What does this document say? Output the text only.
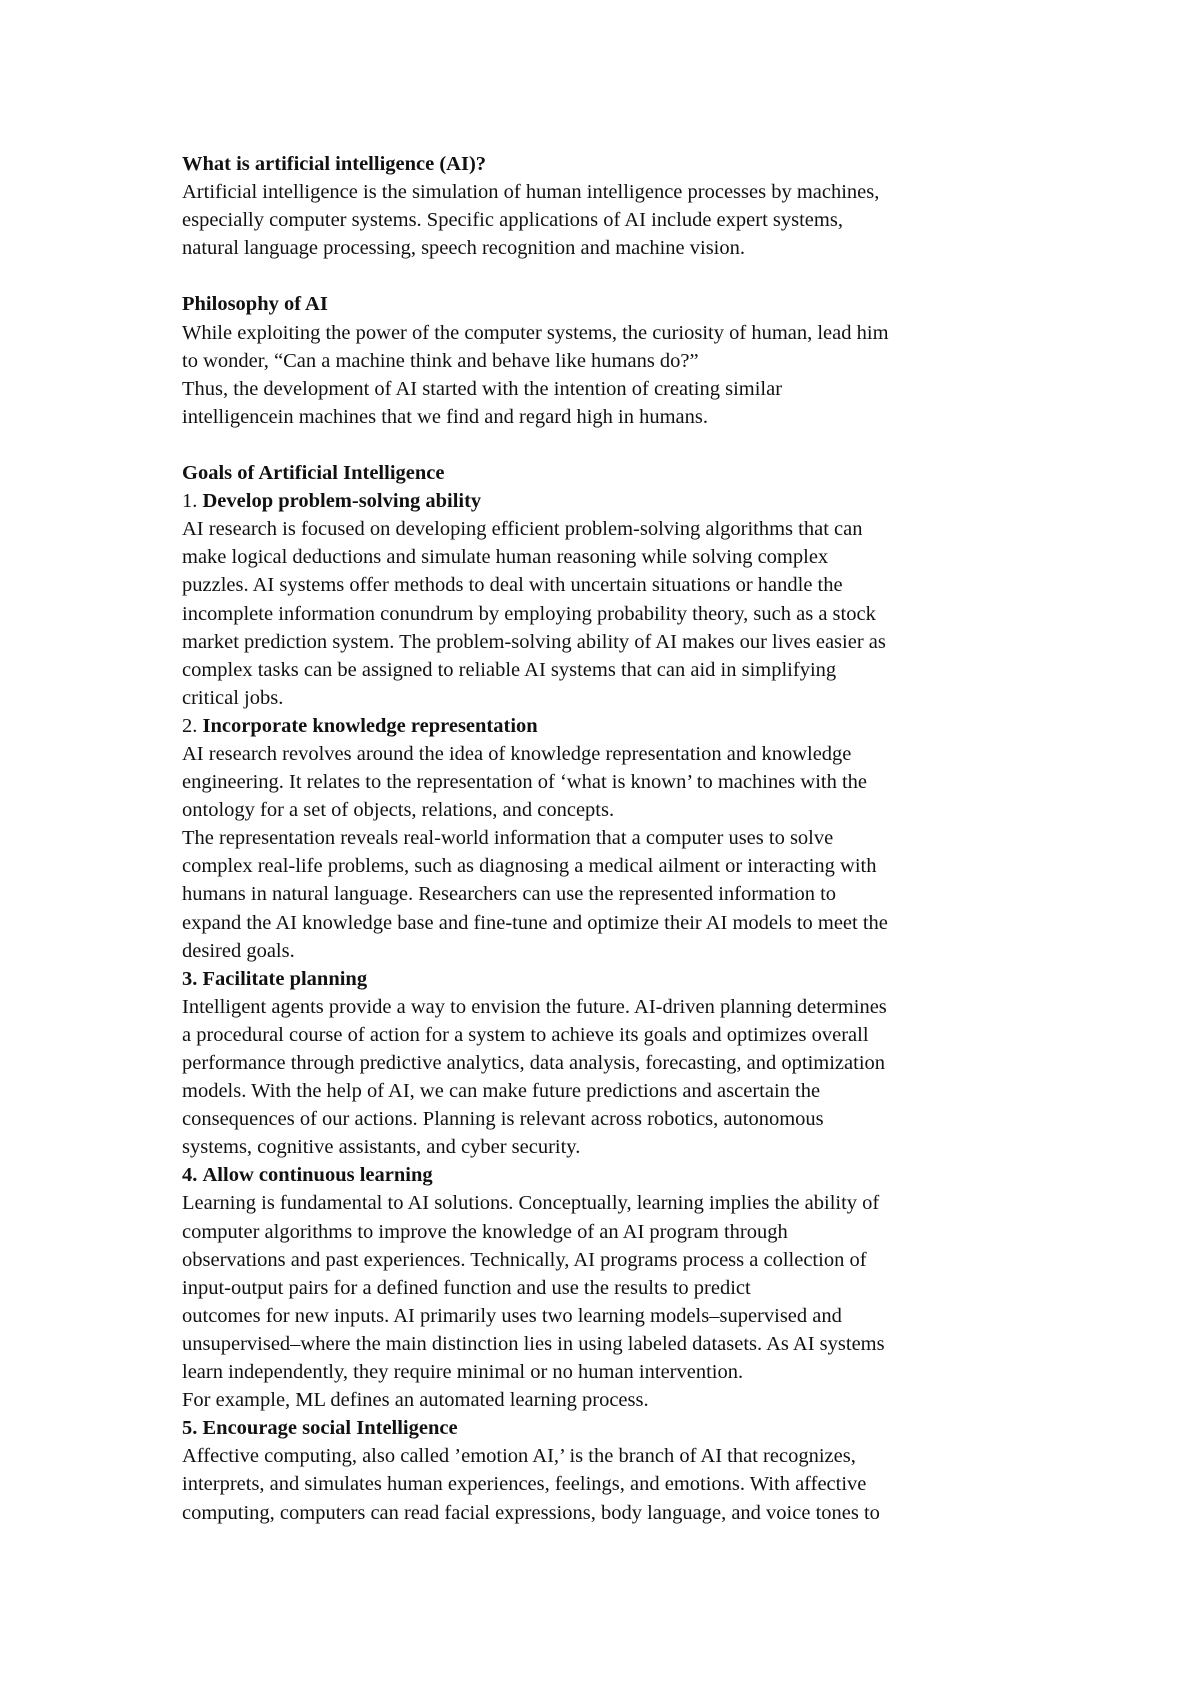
What is artificial intelligence (AI)?
Artificial intelligence is the simulation of human intelligence processes by machines,
especially computer systems. Specific applications of AI include expert systems,
natural language processing, speech recognition and machine vision.
Philosophy of AI
While exploiting the power of the computer systems, the curiosity of human, lead him
to wonder, “Can a machine think and behave like humans do?”
Thus, the development of AI started with the intention of creating similar
intelligencein machines that we find and regard high in humans.
Goals of Artificial Intelligence
1. Develop problem-solving ability
AI research is focused on developing efficient problem-solving algorithms that can
make logical deductions and simulate human reasoning while solving complex
puzzles. AI systems offer methods to deal with uncertain situations or handle the
incomplete information conundrum by employing probability theory, such as a stock
market prediction system. The problem-solving ability of AI makes our lives easier as
complex tasks can be assigned to reliable AI systems that can aid in simplifying
critical jobs.
2. Incorporate knowledge representation
AI research revolves around the idea of knowledge representation and knowledge
engineering. It relates to the representation of ‘what is known’ to machines with the
ontology for a set of objects, relations, and concepts.
The representation reveals real-world information that a computer uses to solve
complex real-life problems, such as diagnosing a medical ailment or interacting with
humans in natural language. Researchers can use the represented information to
expand the AI knowledge base and fine-tune and optimize their AI models to meet the
desired goals.
3. Facilitate planning
Intelligent agents provide a way to envision the future. AI-driven planning determines
a procedural course of action for a system to achieve its goals and optimizes overall
performance through predictive analytics, data analysis, forecasting, and optimization
models. With the help of AI, we can make future predictions and ascertain the
consequences of our actions. Planning is relevant across robotics, autonomous
systems, cognitive assistants, and cyber security.
4. Allow continuous learning
Learning is fundamental to AI solutions. Conceptually, learning implies the ability of
computer algorithms to improve the knowledge of an AI program through
observations and past experiences. Technically, AI programs process a collection of
input-output pairs for a defined function and use the results to predict
outcomes for new inputs. AI primarily uses two learning models–supervised and
unsupervised–where the main distinction lies in using labeled datasets. As AI systems
learn independently, they require minimal or no human intervention.
For example, ML defines an automated learning process.
5. Encourage social Intelligence
Affective computing, also called ’emotion AI,’ is the branch of AI that recognizes,
interprets, and simulates human experiences, feelings, and emotions. With affective
computing, computers can read facial expressions, body language, and voice tones to
